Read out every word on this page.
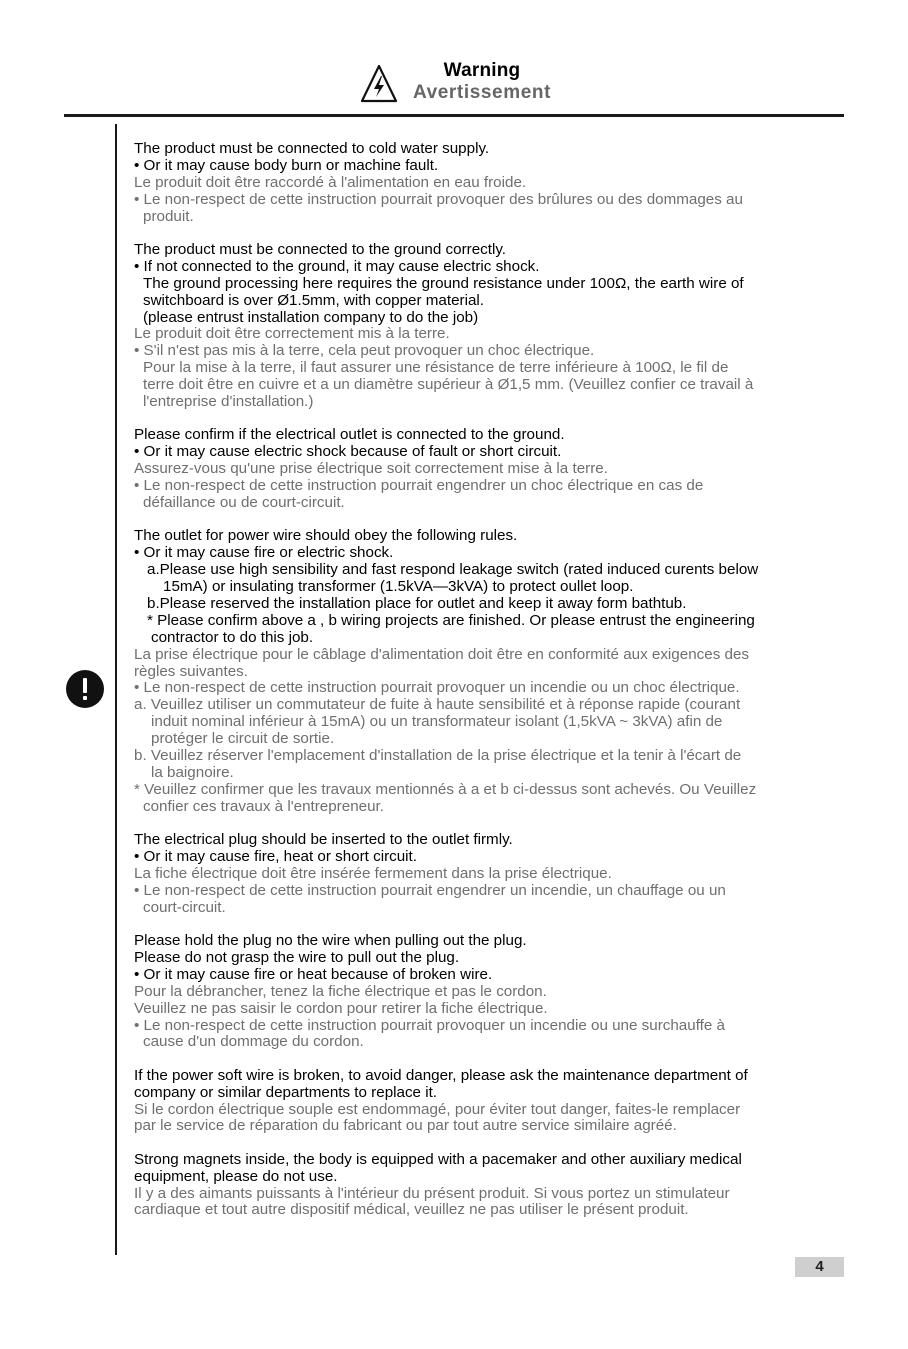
Warning
Avertissement
The product must be connected to cold water supply.
• Or it may cause body burn or machine fault.
Le produit doit être raccordé à l'alimentation en eau froide.
• Le non-respect de cette instruction pourrait provoquer des brûlures ou des dommages au
produit.
The product must be connected to the ground correctly.
• If not connected to the ground, it may cause electric shock.
The ground processing here requires the ground resistance under 100Ω, the earth wire of
switchboard is over Ø1.5mm, with copper material.
(please entrust installation company to do the job)
Le produit doit être correctement mis à la terre.
• S'il n'est pas mis à la terre, cela peut provoquer un choc électrique.
Pour la mise à la terre, il faut assurer une résistance de terre inférieure à 100Ω, le fil de
terre doit être en cuivre et a un diamètre supérieur à Ø1,5 mm. (Veuillez confier ce travail à
l'entreprise d'installation.)
Please confirm if the electrical outlet is connected to the ground.
• Or it may cause electric shock because of fault or short circuit.
Assurez-vous qu'une prise électrique soit correctement mise à la terre.
• Le non-respect de cette instruction pourrait engendrer un choc électrique en cas de
défaillance ou de court-circuit.
The outlet for power wire should obey the following rules.
• Or it may cause fire or electric shock.
a.Please use high sensibility and fast respond leakage switch (rated induced curents below
15mA) or insulating transformer (1.5kVA—3kVA) to protect oullet loop.
b.Please reserved the installation place for outlet and keep it away form bathtub.
* Please confirm above a , b wiring projects are finished. Or please entrust the engineering
contractor to do this job.
La prise électrique pour le câblage d'alimentation doit être en conformité aux exigences des
règles suivantes.
• Le non-respect de cette instruction pourrait provoquer un incendie ou un choc électrique.
a. Veuillez utiliser un commutateur de fuite à haute sensibilité et à réponse rapide (courant
induit nominal inférieur à 15mA) ou un transformateur isolant (1,5kVA ~ 3kVA) afin de
protéger le circuit de sortie.
b. Veuillez réserver l'emplacement d'installation de la prise électrique et la tenir à l'écart de
la baignoire.
* Veuillez confirmer que les travaux mentionnés à a et b ci-dessus sont achevés. Ou Veuillez
confier ces travaux à l'entrepreneur.
The electrical plug should be inserted to the outlet firmly.
• Or it may cause fire, heat or short circuit.
La fiche électrique doit être insérée fermement dans la prise électrique.
• Le non-respect de cette instruction pourrait engendrer un incendie, un chauffage ou un
court-circuit.
Please hold the plug no the wire when pulling out the plug.
Please do not grasp the wire to pull out the plug.
• Or it may cause fire or heat because of broken wire.
Pour la débrancher, tenez la fiche électrique et pas le cordon.
Veuillez ne pas saisir le cordon pour retirer la fiche électrique.
• Le non-respect de cette instruction pourrait provoquer un incendie ou une surchauffe à
cause d'un dommage du cordon.
If the power soft wire is broken, to avoid danger, please ask the maintenance department of
company or similar departments to replace it.
Si le cordon électrique souple est endommagé, pour éviter tout danger, faites-le remplacer
par le service de réparation du fabricant ou par tout autre service similaire agréé.
Strong magnets inside, the body is equipped with a pacemaker and other auxiliary medical
equipment, please do not use.
Il y a des aimants puissants à l'intérieur du présent produit. Si vous portez un stimulateur
cardiaque et tout autre dispositif médical, veuillez ne pas utiliser le présent produit.
4
